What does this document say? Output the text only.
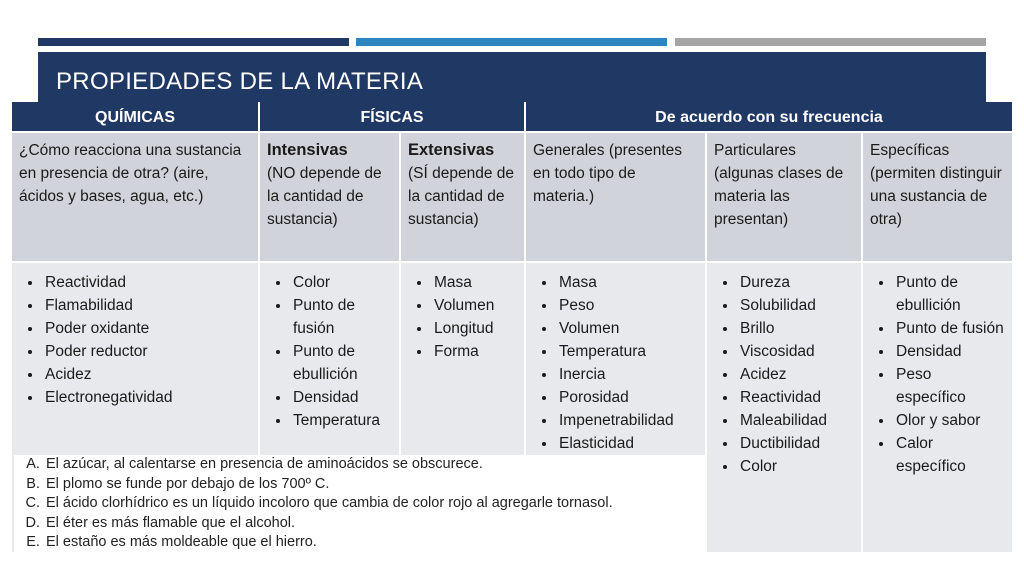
PROPIEDADES DE LA MATERIA
QUÍMICAS	FÍSICAS	De acuerdo con su frecuencia
¿Cómo reacciona una sustancia en presencia de otra? (aire, ácidos y bases, agua, etc.)
Intensivas
(NO depende de la cantidad de sustancia)
Extensivas
(SÍ depende de la cantidad de sustancia)
Generales (presentes en todo tipo de materia.)
Particulares (algunas clases de materia las presentan)
Específicas (permiten distinguir una sustancia de otra)
• Reactividad
• Flamabilidad
• Poder oxidante
• Poder reductor
• Acidez
• Electronegatividad
• Color
• Punto de fusión
• Punto de ebullición
• Densidad
• Temperatura
• Masa
• Volumen
• Longitud
• Forma
• Masa
• Peso
• Volumen
• Temperatura
• Inercia
• Porosidad
• Impenetrabilidad
• Elasticidad
• Dureza
• Solubilidad
• Brillo
• Viscosidad
• Acidez
• Reactividad
• Maleabilidad
• Ductibilidad
• Color
• Punto de ebullición
• Punto de fusión
• Densidad
• Peso específico
• Olor y sabor
• Calor específico
A. El azúcar, al calentarse en presencia de aminoácidos se obscurece.
B. El plomo se funde por debajo de los 700º C.
C. El ácido clorhídrico es un líquido incoloro que cambia de color rojo al agregarle tornasol.
D. El éter es más flamable que el alcohol.
E. El estaño es más moldeable que el hierro.
